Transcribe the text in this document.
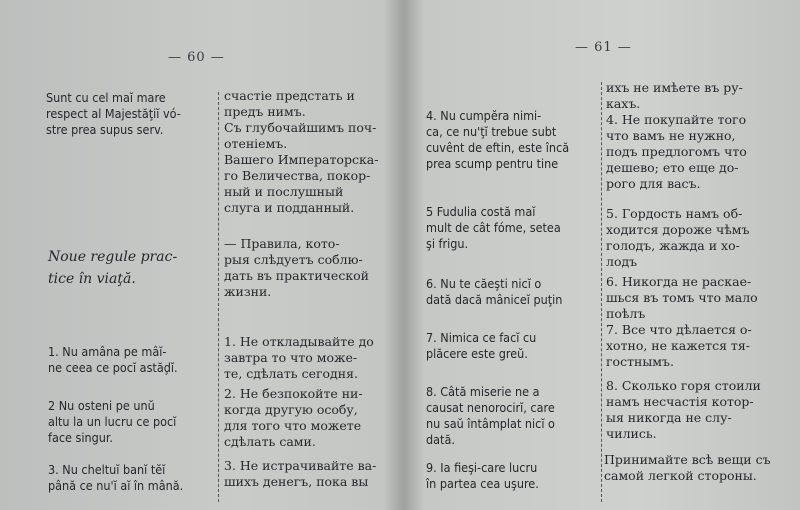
— 60 —

Sunt cu cel maĭ mare
respect al Majestăţiĭ vó-
stre prea supus serv.

счастіе предстать и
предъ нимъ.
Съ глубочайшимъ поч-
отеніемъ.
Вашего Императорска-
го Величества, покор-
ный и послушный
слуга и подданный.

Noue regule prac-
tice în viaţă.

— Правила, кото-
рыя слѣдуетъ соблю-
дать въ практической
жизни.

1. Nu amâna pe mâĭ-
ne ceea ce pocĭ astăḑĭ.

1. Не откладывайте до
завтра то что може-
те, сдѣлать сегодня.

2 Nu osteni pe unŭ
altu la un lucru ce pocĭ
face singur.

2. Не безпокойте ни-
когда другую особу,
для того что можете
сдѣлать сами.

3. Nu cheltuĭ banĭ tĕĭ
până ce nu'ĭ aĭ în mână.

3. Не истрачивайте ва-
шихъ денегъ, пока вы

— 61 —

ихъ не имѣете въ ру-
кахъ.

4. Nu cumpĕra nimi-
ca, ce nu'ţĭ trebue subt
cuvênt de eftin, este încă
prea scump pentru tine

4. Не покупайте того
что вамъ не нужно,
подъ предлогомъ что
дешево; ето еще до-
рого для васъ.

5 Fudulia costă maĭ
mult de cât fóme, setea
şi frigu.

5. Гордость намъ об-
ходится дороже чѣмъ
голодъ, жажда и хо-
лодъ

6. Nu te căeşti nicĭ o
dată dacă mâniceĭ puţin

6. Никогда не раскае-
шься въ томъ что мало
поѣлъ

7. Nimica ce facĭ cu
plăcere este greŭ.

7. Все что дѣлается о-
хотно, не кажется тя-
гостнымъ.

8. Câtă miserie ne a
causat nenorocirĭ, care
nu saŭ întâmplat nicĭ o
dată.

8. Сколько горя стоили
намъ несчастія котор-
ыя никогда не слу-
чились.

9. Ia fieşi-care lucru
în partea cea uşure.

Принимайте всѣ вещи съ
самой легкой стороны.
